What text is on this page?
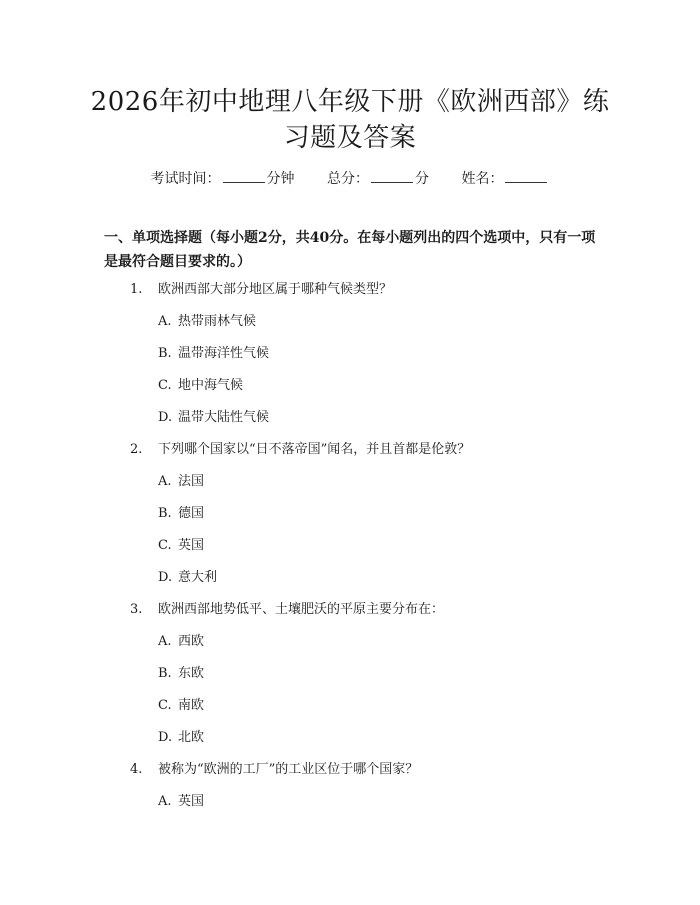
2026年初中地理八年级下册《欧洲西部》练习题及答案
考试时间：	分钟 总分：	分 姓名：
一、单项选择题（每小题2分，共40分。在每小题列出的四个选项中，只有一项是最符合题目要求的。）
1. 欧洲西部大部分地区属于哪种气候类型？
A. 热带雨林气候
B. 温带海洋性气候
C. 地中海气候
D. 温带大陆性气候
2. 下列哪个国家以“日不落帝国”闻名，并且首都是伦敦？
A. 法国
B. 德国
C. 英国
D. 意大利
3. 欧洲西部地势低平、土壤肥沃的平原主要分布在：
A. 西欧
B. 东欧
C. 南欧
D. 北欧
4. 被称为“欧洲的工厂”的工业区位于哪个国家？
A. 英国
